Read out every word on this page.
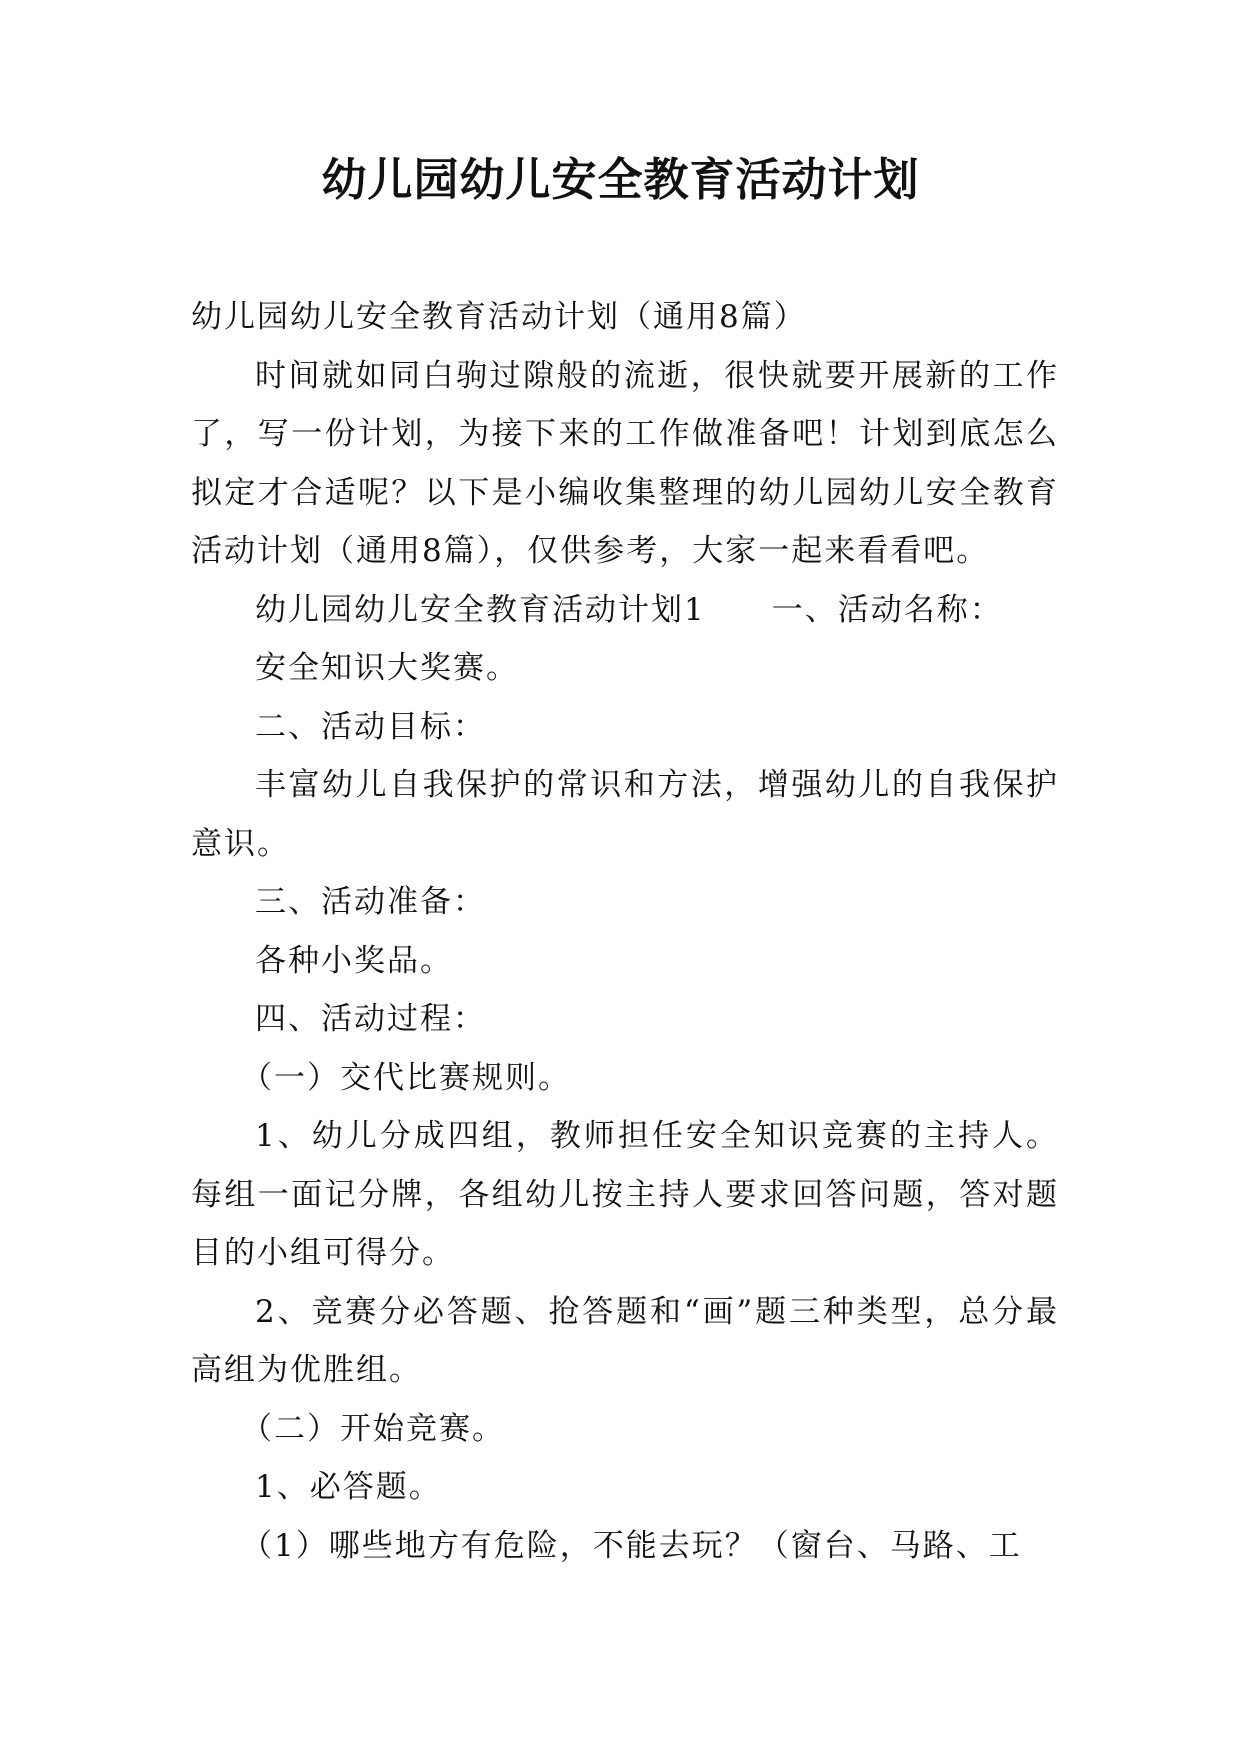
幼儿园幼儿安全教育活动计划

幼儿园幼儿安全教育活动计划（通用8篇）

时间就如同白驹过隙般的流逝，很快就要开展新的工作了，写一份计划，为接下来的工作做准备吧！计划到底怎么拟定才合适呢？以下是小编收集整理的幼儿园幼儿安全教育活动计划（通用8篇），仅供参考，大家一起来看看吧。

幼儿园幼儿安全教育活动计划1　　一、活动名称：

安全知识大奖赛。

二、活动目标：

丰富幼儿自我保护的常识和方法，增强幼儿的自我保护意识。

三、活动准备：

各种小奖品。

四、活动过程：

（一）交代比赛规则。

1、幼儿分成四组，教师担任安全知识竞赛的主持人。每组一面记分牌，各组幼儿按主持人要求回答问题，答对题目的小组可得分。

2、竞赛分必答题、抢答题和“画”题三种类型，总分最高组为优胜组。

（二）开始竞赛。

1、必答题。

（1）哪些地方有危险，不能去玩？（窗台、马路、工
